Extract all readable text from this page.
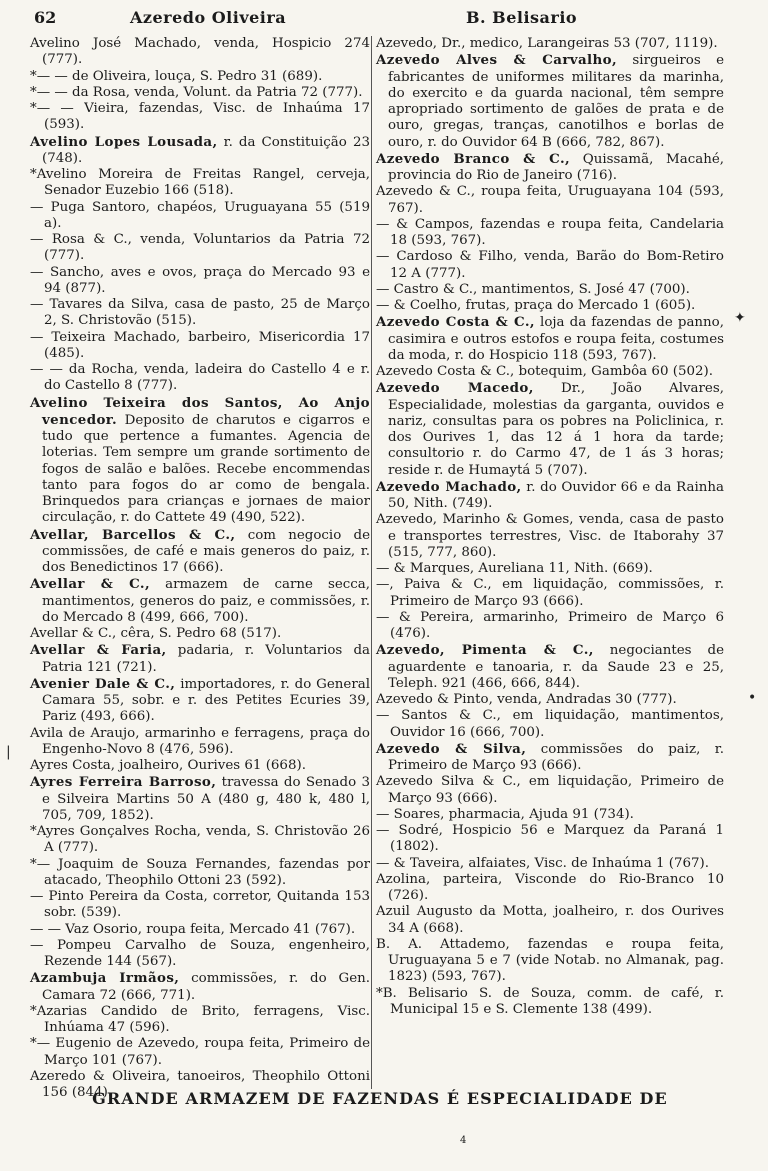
62	Azeredo Oliveira	B. Belisario
Avelino José Machado, venda, Hospicio 274 (777).
*— — de Oliveira, louça, S. Pedro 31 (689).
*— — da Rosa, venda, Volunt. da Patria 72 (777).
*— — Vieira, fazendas, Visc. de Inhaúma 17 (593).
Avelino Lopes Lousada, r. da Constituição 23 (748).
*Avelino Moreira de Freitas Rangel, cerveja, Senador Euzebio 166 (518).
— Puga Santoro, chapéos, Uruguayana 55 (519 a).
— Rosa & C., venda, Voluntarios da Patria 72 (777).
— Sancho, aves e ovos, praça do Mercado 93 e 94 (877).
— Tavares da Silva, casa de pasto, 25 de Março 2, S. Christovão (515).
— Teixeira Machado, barbeiro, Misericordia 17 (485).
— — da Rocha, venda, ladeira do Castello 4 e r. do Castello 8 (777).
Avelino Teixeira dos Santos, Ao Anjo vencedor. Deposito de charutos e cigarros e tudo que pertence a fumantes. Agencia de loterias. Tem sempre um grande sortimento de fogos de salão e balões. Recebe encommendas tanto para fogos do ar como de bengala. Brinquedos para crianças e jornaes de maior circulação, r. do Cattete 49 (490, 522).
Avellar, Barcellos & C., com negocio de commissões, de café e mais generos do paiz, r. dos Benedictinos 17 (666).
Avellar & C., armazem de carne secca, mantimentos, generos do paiz, e commissões, r. do Mercado 8 (499, 666, 700).
Avellar & C., cêra, S. Pedro 68 (517).
Avellar & Faria, padaria, r. Voluntarios da Patria 121 (721).
Avenier Dale & C., importadores, r. do General Camara 55, sobr. e r. des Petites Ecuries 39, Pariz (493, 666).
Avila de Araujo, armarinho e ferragens, praça do Engenho-Novo 8 (476, 596).
Ayres Costa, joalheiro, Ourives 61 (668).
Ayres Ferreira Barroso, travessa do Senado 3 e Silveira Martins 50 A (480 g, 480 k, 480 l, 705, 709, 1852).
*Ayres Gonçalves Rocha, venda, S. Christovão 26 A (777).
*— Joaquim de Souza Fernandes, fazendas por atacado, Theophilo Ottoni 23 (592).
— Pinto Pereira da Costa, corretor, Quitanda 153 sobr. (539).
— — Vaz Osorio, roupa feita, Mercado 41 (767).
— Pompeu Carvalho de Souza, engenheiro, Rezende 144 (567).
Azambuja Irmãos, commissões, r. do Gen. Camara 72 (666, 771).
*Azarias Candido de Brito, ferragens, Visc. Inhúama 47 (596).
*— Eugenio de Azevedo, roupa feita, Primeiro de Março 101 (767).
Azeredo & Oliveira, tanoeiros, Theophilo Ottoni 156 (844).
Azevedo, Dr., medico, Larangeiras 53 (707, 1119).
Azevedo Alves & Carvalho, sirgueiros e fabricantes de uniformes militares da marinha, do exercito e da guarda nacional, têm sempre apropriado sortimento de galões de prata e de ouro, gregas, tranças, canotilhos e borlas de ouro, r. do Ouvidor 64 B (666, 782, 867).
Azevedo Branco & C., Quissamã, Macahé, provincia do Rio de Janeiro (716).
Azevedo & C., roupa feita, Uruguayana 104 (593, 767).
— & Campos, fazendas e roupa feita, Candelaria 18 (593, 767).
— Cardoso & Filho, venda, Barão do Bom-Retiro 12 A (777).
— Castro & C., mantimentos, S. José 47 (700).
— & Coelho, frutas, praça do Mercado 1 (605).
Azevedo Costa & C., loja da fazendas de panno, casimira e outros estofos e roupa feita, costumes da moda, r. do Hospicio 118 (593, 767).
Azevedo Costa & C., botequim, Gambôa 60 (502).
Azevedo Macedo, Dr., João Alvares, Especialidade, molestias da garganta, ouvidos e nariz, consultas para os pobres na Policlinica, r. dos Ourives 1, das 12 á 1 hora da tarde; consultorio r. do Carmo 47, de 1 ás 3 horas; reside r. de Humaytá 5 (707).
Azevedo Machado, r. do Ouvidor 66 e da Rainha 50, Nith. (749).
Azevedo, Marinho & Gomes, venda, casa de pasto e transportes terrestres, Visc. de Itaborahy 37 (515, 777, 860).
— & Marques, Aureliana 11, Nith. (669).
—, Paiva & C., em liquidação, commissões, r. Primeiro de Março 93 (666).
— & Pereira, armarinho, Primeiro de Março 6 (476).
Azevedo, Pimenta & C., negociantes de aguardente e tanoaria, r. da Saude 23 e 25, Teleph. 921 (466, 666, 844).
Azevedo & Pinto, venda, Andradas 30 (777).
— Santos & C., em liquidação, mantimentos, Ouvidor 16 (666, 700).
Azevedo & Silva, commissões do paiz, r. Primeiro de Março 93 (666).
Azevedo Silva & C., em liquidação, Primeiro de Março 93 (666).
— Soares, pharmacia, Ajuda 91 (734).
— Sodré, Hospicio 56 e Marquez da Paraná 1 (1802).
— & Taveira, alfaiates, Visc. de Inhaúma 1 (767).
Azolina, parteira, Visconde do Rio-Branco 10 (726).
Azuil Augusto da Motta, joalheiro, r. dos Ourives 34 A (668).
B. A. Attademo, fazendas e roupa feita, Uruguayana 5 e 7 (vide Notab. no Almanak, pag. 1823) (593, 767).
*B. Belisario S. de Souza, comm. de café, r. Municipal 15 e S. Clemente 138 (499).
GRANDE ARMAZEM DE FAZENDAS É ESPECIALIDADE DE
4
✦
•
|
